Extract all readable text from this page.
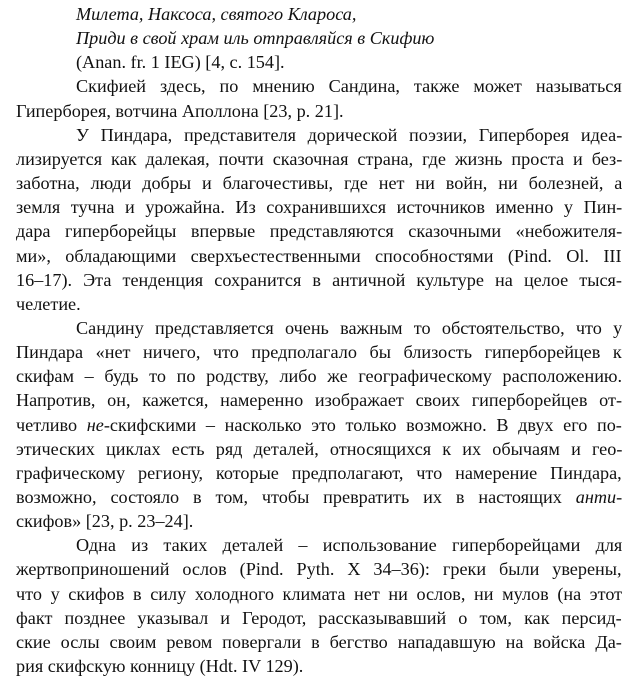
Милета, Наксоса, святого Клароса,
Приди в свой храм иль отправляйся в Скифию
(Anan. fr. 1 IEG) [4, с. 154].
Скифией здесь, по мнению Сандина, также может называться
Гиперборея, вотчина Аполлона [23, р. 21].
У Пиндара, представителя дорической поэзии, Гиперборея идеа-
лизируется как далекая, почти сказочная страна, где жизнь проста и без-
заботна, люди добры и благочестивы, где нет ни войн, ни болезней, а
земля тучна и урожайна. Из сохранившихся источников именно у Пин-
дара гиперборейцы впервые представляются сказочными «небожителя-
ми», обладающими сверхъестественными способностями (Pind. Ol. III
16–17). Эта тенденция сохранится в античной культуре на целое тыся-
челетие.
Сандину представляется очень важным то обстоятельство, что у
Пиндара «нет ничего, что предполагало бы близость гиперборейцев к
скифам – будь то по родству, либо же географическому расположению.
Напротив, он, кажется, намеренно изображает своих гиперборейцев от-
четливо не-скифскими – насколько это только возможно. В двух его по-
этических циклах есть ряд деталей, относящихся к их обычаям и гео-
графическому региону, которые предполагают, что намерение Пиндара,
возможно, состояло в том, чтобы превратить их в настоящих анти-
скифов» [23, р. 23–24].
Одна из таких деталей – использование гиперборейцами для
жертвоприношений ослов (Pind. Pyth. X 34–36): греки были уверены,
что у скифов в силу холодного климата нет ни ослов, ни мулов (на этот
факт позднее указывал и Геродот, рассказывавший о том, как персид-
ские ослы своим ревом повергали в бегство нападавшую на войска Да-
рия скифскую конницу (Hdt. IV 129).
